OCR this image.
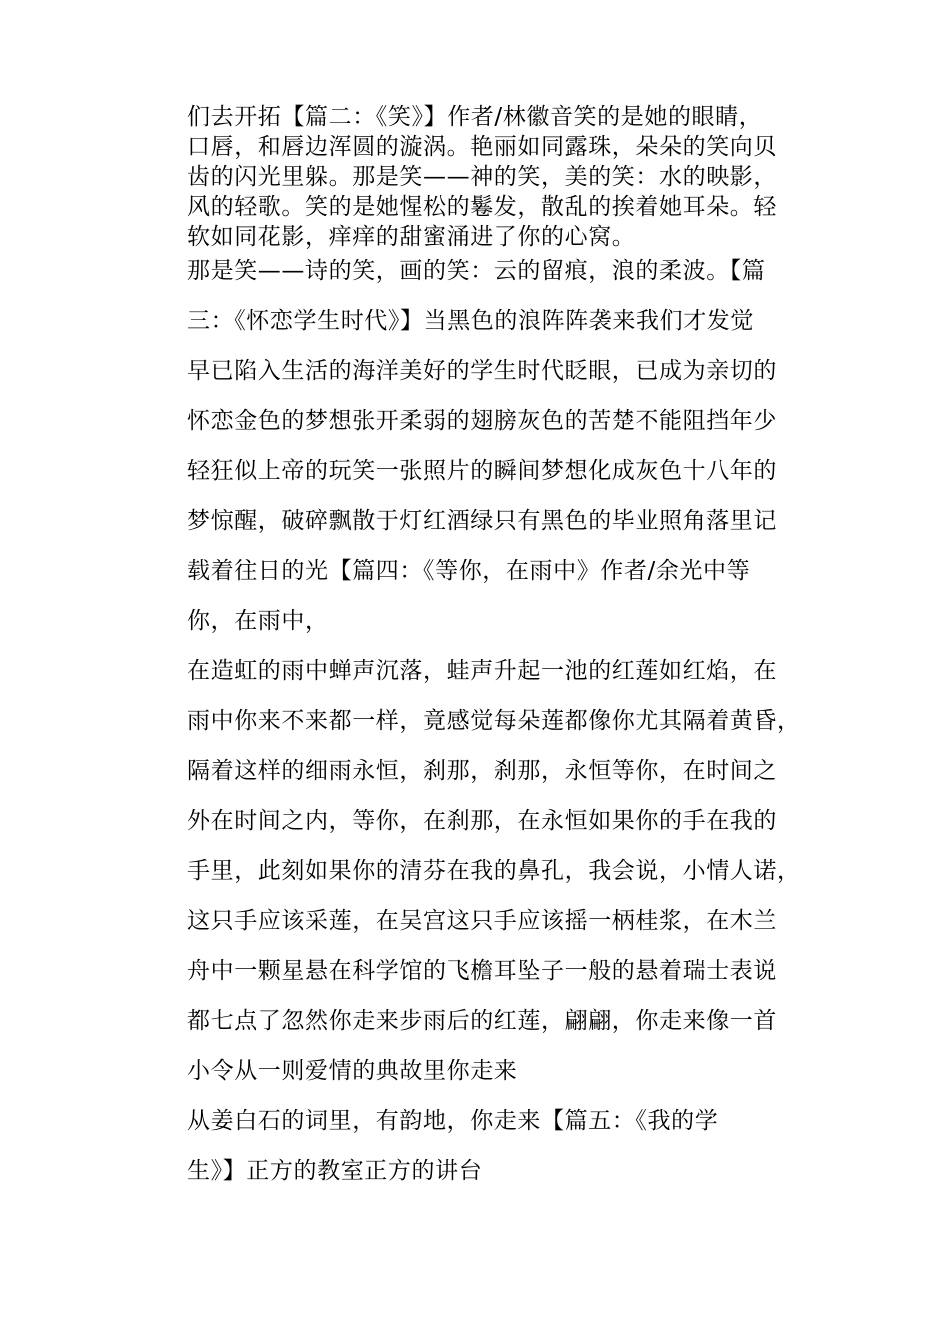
们去开拓【篇二：《笑》】作者/林徽音笑的是她的眼睛，
口唇，和唇边浑圆的漩涡。艳丽如同露珠，朵朵的笑向贝
齿的闪光里躲。那是笑——神的笑，美的笑：水的映影，
风的轻歌。笑的是她惺松的鬈发，散乱的挨着她耳朵。轻
软如同花影，痒痒的甜蜜涌进了你的心窝。
那是笑——诗的笑，画的笑：云的留痕，浪的柔波。【篇
三：《怀恋学生时代》】当黑色的浪阵阵袭来我们才发觉
早已陷入生活的海洋美好的学生时代眨眼，已成为亲切的
怀恋金色的梦想张开柔弱的翅膀灰色的苦楚不能阻挡年少
轻狂似上帝的玩笑一张照片的瞬间梦想化成灰色十八年的
梦惊醒，破碎飘散于灯红酒绿只有黑色的毕业照角落里记
载着往日的光【篇四：《等你，在雨中》作者/余光中等
你，在雨中，
在造虹的雨中蝉声沉落，蛙声升起一池的红莲如红焰，在
雨中你来不来都一样，竟感觉每朵莲都像你尤其隔着黄昏，
隔着这样的细雨永恒，刹那，刹那，永恒等你，在时间之
外在时间之内，等你，在刹那，在永恒如果你的手在我的
手里，此刻如果你的清芬在我的鼻孔，我会说，小情人诺，
这只手应该采莲，在吴宫这只手应该摇一柄桂浆，在木兰
舟中一颗星悬在科学馆的飞檐耳坠子一般的悬着瑞士表说
都七点了忽然你走来步雨后的红莲，翩翩，你走来像一首
小令从一则爱情的典故里你走来
从姜白石的词里，有韵地，你走来【篇五：《我的学
生》】正方的教室正方的讲台
